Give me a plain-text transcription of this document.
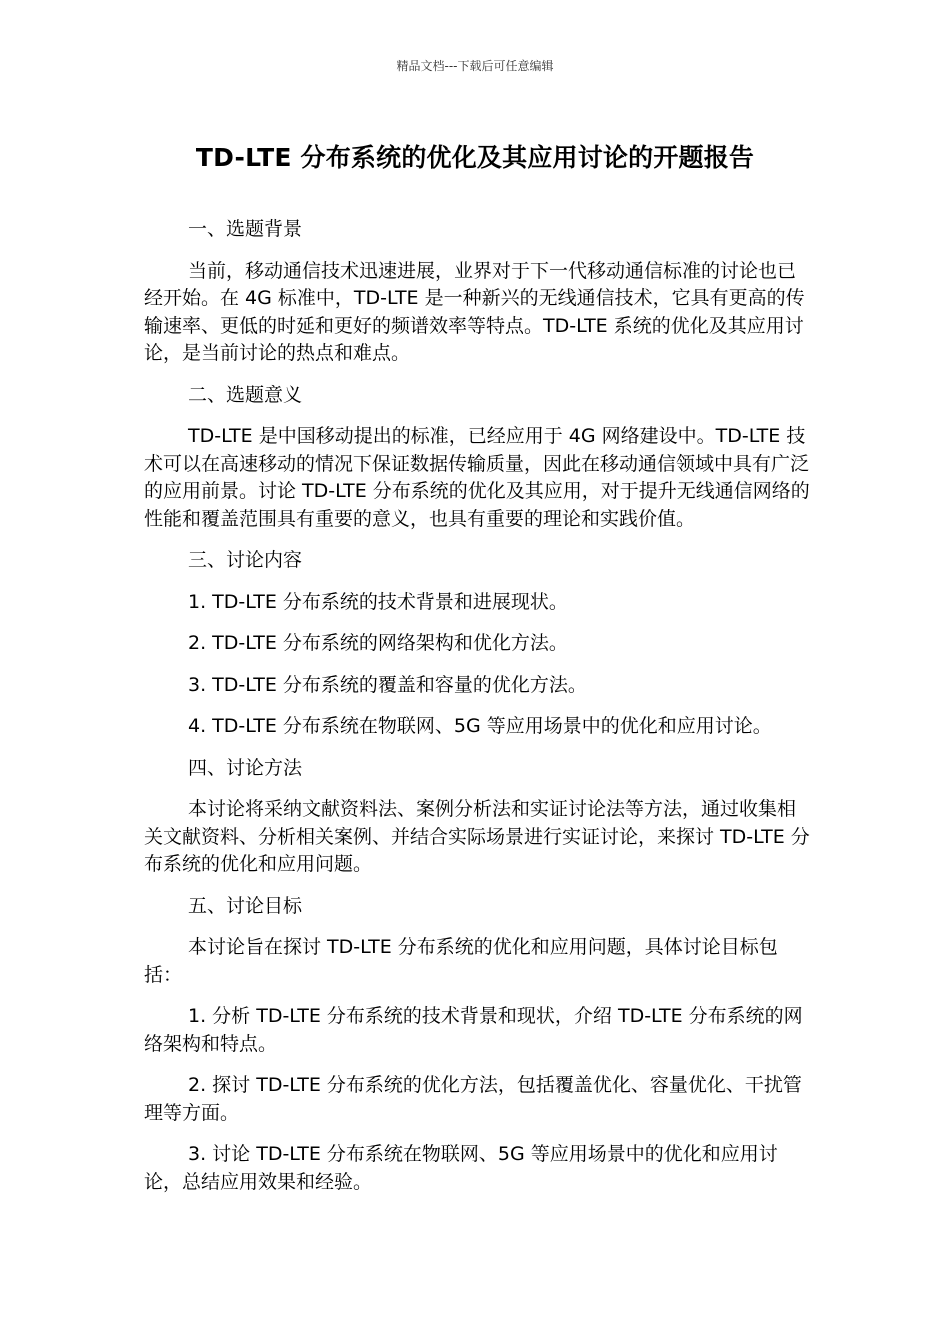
精品文档---下载后可任意编辑
TD-LTE 分布系统的优化及其应用讨论的开题报告

一、选题背景

当前，移动通信技术迅速进展，业界对于下一代移动通信标准的讨论也已经开始。在 4G 标准中，TD-LTE 是一种新兴的无线通信技术，它具有更高的传输速率、更低的时延和更好的频谱效率等特点。TD-LTE 系统的优化及其应用讨论，是当前讨论的热点和难点。

二、选题意义

TD-LTE 是中国移动提出的标准，已经应用于 4G 网络建设中。TD-LTE 技术可以在高速移动的情况下保证数据传输质量，因此在移动通信领域中具有广泛的应用前景。讨论 TD-LTE 分布系统的优化及其应用，对于提升无线通信网络的性能和覆盖范围具有重要的意义，也具有重要的理论和实践价值。

三、讨论内容

1. TD-LTE 分布系统的技术背景和进展现状。

2. TD-LTE 分布系统的网络架构和优化方法。

3. TD-LTE 分布系统的覆盖和容量的优化方法。

4. TD-LTE 分布系统在物联网、5G 等应用场景中的优化和应用讨论。

四、讨论方法

本讨论将采纳文献资料法、案例分析法和实证讨论法等方法，通过收集相关文献资料、分析相关案例、并结合实际场景进行实证讨论，来探讨 TD-LTE 分布系统的优化和应用问题。

五、讨论目标

本讨论旨在探讨 TD-LTE 分布系统的优化和应用问题，具体讨论目标包括：

1. 分析 TD-LTE 分布系统的技术背景和现状，介绍 TD-LTE 分布系统的网络架构和特点。

2. 探讨 TD-LTE 分布系统的优化方法，包括覆盖优化、容量优化、干扰管理等方面。

3. 讨论 TD-LTE 分布系统在物联网、5G 等应用场景中的优化和应用讨论，总结应用效果和经验。
